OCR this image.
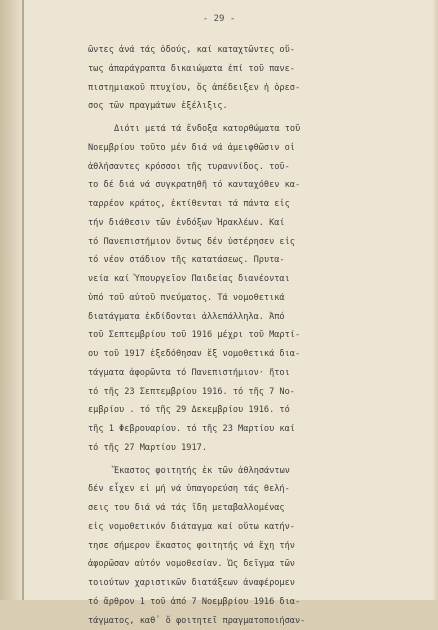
- 29 -
ῶντες ἀνά τάς ὁδούς, καί καταχτῶντες οὕ-
τως ἀπαράγραπτα δικαιώματα ἐπί τοῦ πανε-
πιστημιακοῦ πτυχίου, ὅς ἀπέδειξεν ἡ ὁρεσ-
σος τῶν πραγμάτων ἐξέλιξις.
Διότι μετά τά ἔνδοξα κατορθώματα τοῦ
Νοεμβρίου τοῦτο μέν διά νά ἀμειφθῶσιν οἱ
ἀθλήσαντες κρόσσοι τῆς τυραννίδος. τοῦ-
το δέ διά νά συγκρατηθῆ τό κανταχόθεν κα-
ταρρέον κράτος, ἐκτίθενται τά πάντα εἰς
τήν διάθεσιν τῶν ἐνδόξων Ἡρακλέων. Καί
τό Πανεπιστήμιον ὄντως δέν ὑστέρησεν εἰς
τό νέον στάδιον τῆς κατατάσεως. Πρυτα-
νεία καί Ὑπουργεῖον Παιδείας διανέονται
ὑπό τοῦ αὐτοῦ πνεύματος. Τά νομοθετικά
διατάγματα ἐκδίδονται ἀλλεπάλληλα. Ἀπό
τοῦ Σεπτεμβρίου τοῦ 1916 μέχρι τοῦ Μαρτί-
ου τοῦ 1917 ἐξεδόθησαν ἕξ νομοθετικά δια-
τάγματα ἀφορῶντα τό Πανεπιστήμιον· ἤτοι
τό τῆς 23 Σεπτεμβρίου 1916. τό τῆς 7 Νο-
εμβρίου . τό τῆς 29 Δεκεμβρίου 1916. τό
τῆς 1 Φεβρουαρίου. τό τῆς 23 Μαρτίου καί
τό τῆς 27 Μαρτίου 1917.
Ἕκαστος φοιτητής ἐκ τῶν ἀθλησάντων
δέν εἶχεν εἰ μή νά ὑπαγορεύση τάς θελή-
σεις του διά νά τάς ἴδη μεταβαλλομένας
εἰς νομοθετικόν διάταγμα καί οὕτω κατήν-
τησε σήμερον ἕκαστος φοιτητής νά ἔχη τήν
ἀφορῶσαν αὐτόν νομοθεσίαν. Ὡς δεῖγμα τῶν
τοιούτων χαριστικῶν διατάξεων ἀναφέρομεν
τό ἄρθρον 1 τοῦ ἀπό 7 Νοεμβρίου 1916 δια-
τάγματος, καθ᾽ ὅ φοιτητεῖ πραγματοποιήσαν-
